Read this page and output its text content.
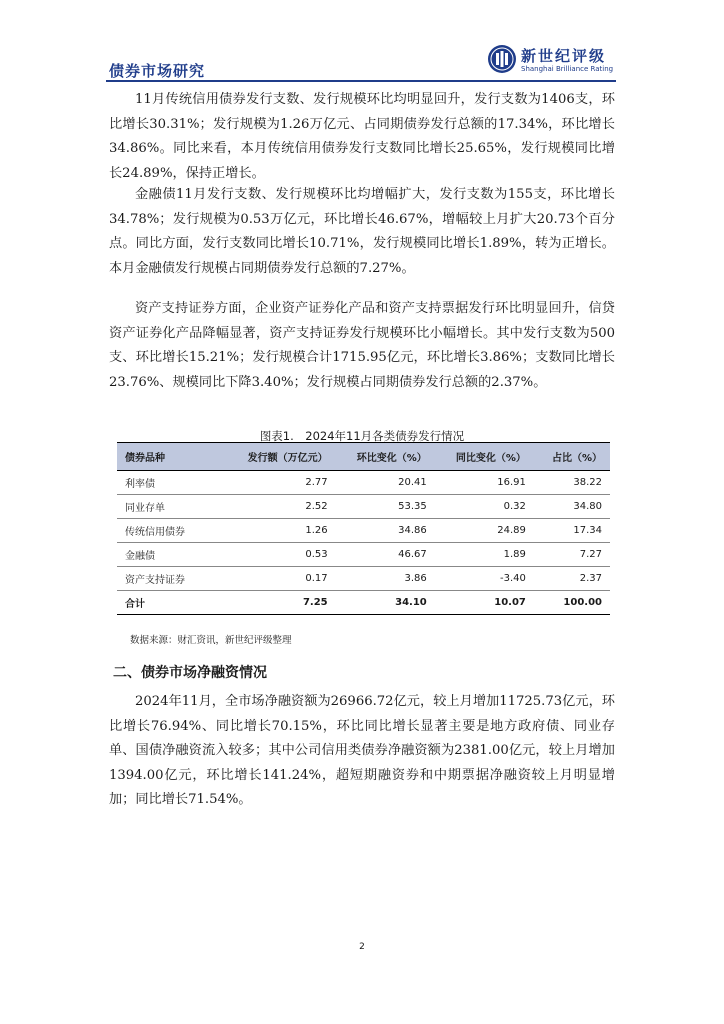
债券市场研究
新世纪评级
Shanghai Brilliance Rating

11月传统信用债券发行支数、发行规模环比均明显回升，发行支数为1406支，环比增长30.31%；发行规模为1.26万亿元、占同期债券发行总额的17.34%，环比增长34.86%。同比来看，本月传统信用债券发行支数同比增长25.65%，发行规模同比增长24.89%，保持正增长。

金融债11月发行支数、发行规模环比均增幅扩大，发行支数为155支，环比增长34.78%；发行规模为0.53万亿元，环比增长46.67%，增幅较上月扩大20.73个百分点。同比方面，发行支数同比增长10.71%，发行规模同比增长1.89%，转为正增长。本月金融债发行规模占同期债券发行总额的7.27%。

资产支持证券方面，企业资产证券化产品和资产支持票据发行环比明显回升，信贷资产证券化产品降幅显著，资产支持证券发行规模环比小幅增长。其中发行支数为500支、环比增长15.21%；发行规模合计1715.95亿元，环比增长3.86%；支数同比增长23.76%、规模同比下降3.40%；发行规模占同期债券发行总额的2.37%。

图表1.　2024年11月各类债券发行情况
债券品种	发行额（万亿元）	环比变化（%）	同比变化（%）	占比（%）
利率债	2.77	20.41	16.91	38.22
同业存单	2.52	53.35	0.32	34.80
传统信用债券	1.26	34.86	24.89	17.34
金融债	0.53	46.67	1.89	7.27
资产支持证券	0.17	3.86	-3.40	2.37
合计	7.25	34.10	10.07	100.00
数据来源：财汇资讯，新世纪评级整理
二、债券市场净融资情况

2024年11月，全市场净融资额为26966.72亿元，较上月增加11725.73亿元，环比增长76.94%、同比增长70.15%，环比同比增长显著主要是地方政府债、同业存单、国债净融资流入较多；其中公司信用类债券净融资额为2381.00亿元，较上月增加1394.00亿元，环比增长141.24%，超短期融资券和中期票据净融资较上月明显增加；同比增长71.54%。

2
